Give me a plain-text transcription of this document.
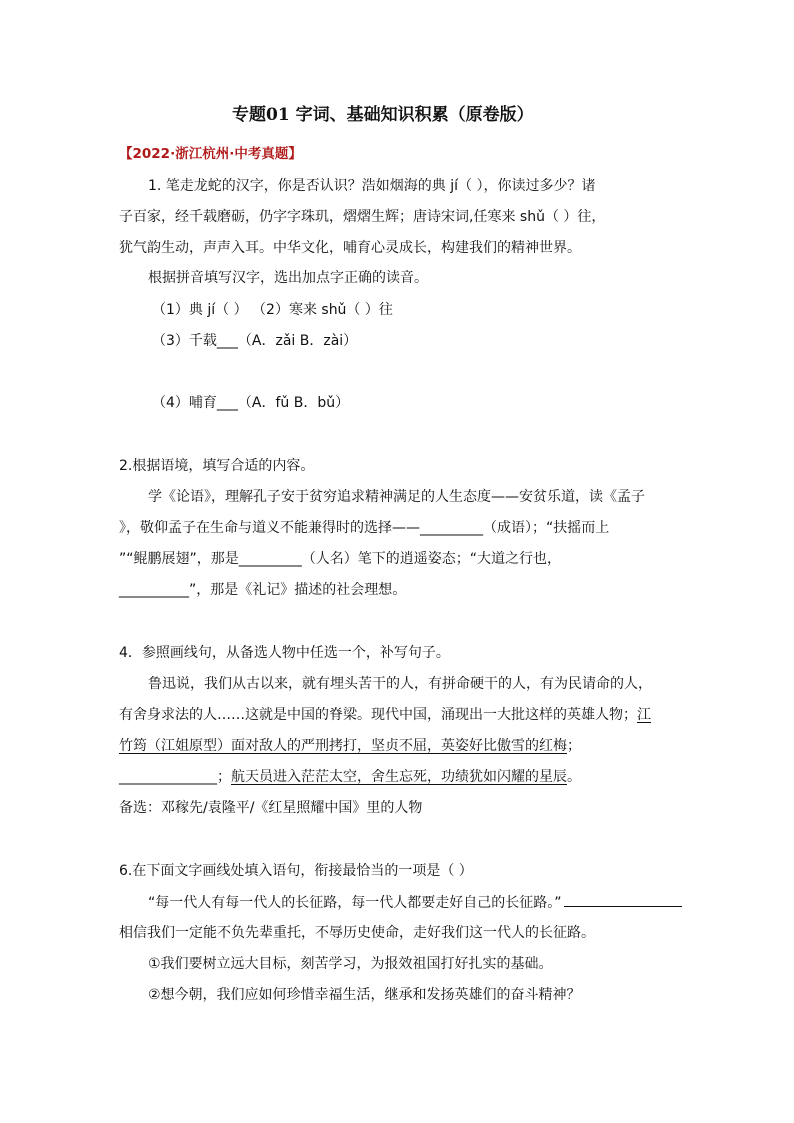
专题01 字词、基础知识积累（原卷版）
【2022·浙江杭州·中考真题】
1. 笔走龙蛇的汉字，你是否认识？浩如烟海的典 jí（ ），你读过多少？诸
子百家，经千载磨砺，仍字字珠玑，熠熠生辉；唐诗宋词,任寒来 shǔ（ ）往，
犹气韵生动，声声入耳。中华文化，哺育心灵成长，构建我们的精神世界。
根据拼音填写汉字，选出加点字正确的读音。
（1）典 jí（ ） （2）寒来 shǔ（ ）往
（3）千载___（A．zǎi B．zài）
（4）哺育___（A．fǔ B．bǔ）
2.根据语境，填写合适的内容。
学《论语》，理解孔子安于贫穷追求精神满足的人生态度——安贫乐道，读《孟子
》，敬仰孟子在生命与道义不能兼得时的选择——_________（成语）；“扶摇而上
”“鲲鹏展翅”，那是_________（人名）笔下的逍遥姿态；“大道之行也，
__________”，那是《礼记》描述的社会理想。
4．参照画线句，从备选人物中任选一个，补写句子。
鲁迅说，我们从古以来，就有埋头苦干的人，有拼命硬干的人，有为民请命的人，
有舍身求法的人……这就是中国的脊梁。现代中国，涌现出一大批这样的英雄人物；江
竹筠（江姐原型）面对敌人的严刑拷打，坚贞不屈，英姿好比傲雪的红梅；
______________；航天员进入茫茫太空，舍生忘死，功绩犹如闪耀的星辰。
备选：邓稼先/袁隆平/《红星照耀中国》里的人物
6.在下面文字画线处填入语句，衔接最恰当的一项是（ ）
“每一代人有每一代人的长征路，每一代人都要走好自己的长征路。”
相信我们一定能不负先辈重托，不辱历史使命，走好我们这一代人的长征路。
①我们要树立远大目标，刻苦学习，为报效祖国打好扎实的基础。
②想今朝，我们应如何珍惜幸福生活，继承和发扬英雄们的奋斗精神？
